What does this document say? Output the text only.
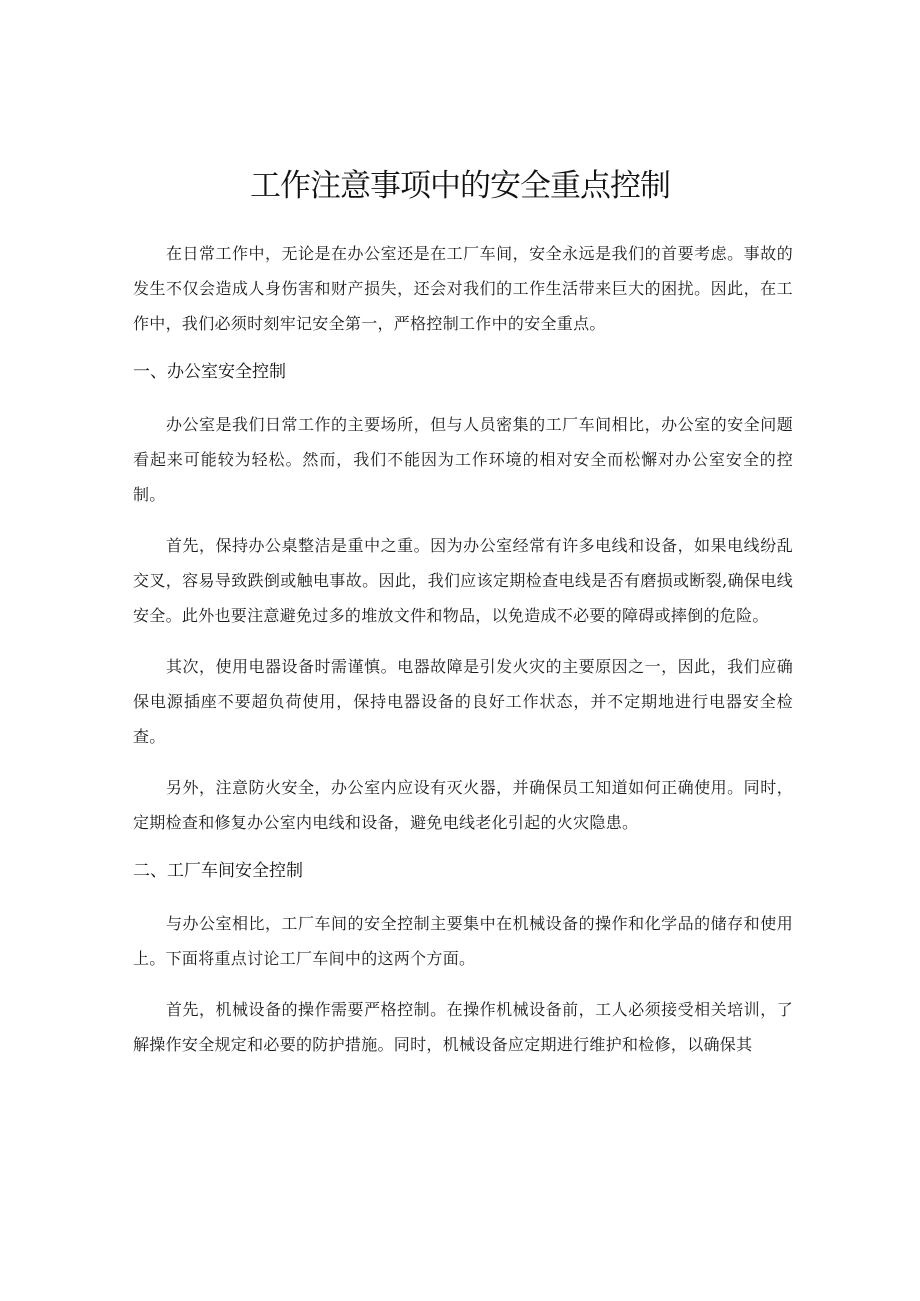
工作注意事项中的安全重点控制

在日常工作中，无论是在办公室还是在工厂车间，安全永远是我们的首要考虑。事故的发生不仅会造成人身伤害和财产损失，还会对我们的工作生活带来巨大的困扰。因此，在工作中，我们必须时刻牢记安全第一，严格控制工作中的安全重点。

一、办公室安全控制

办公室是我们日常工作的主要场所，但与人员密集的工厂车间相比，办公室的安全问题看起来可能较为轻松。然而，我们不能因为工作环境的相对安全而松懈对办公室安全的控制。

首先，保持办公桌整洁是重中之重。因为办公室经常有许多电线和设备，如果电线纷乱交叉，容易导致跌倒或触电事故。因此，我们应该定期检查电线是否有磨损或断裂,确保电线安全。此外也要注意避免过多的堆放文件和物品，以免造成不必要的障碍或摔倒的危险。

其次，使用电器设备时需谨慎。电器故障是引发火灾的主要原因之一，因此，我们应确保电源插座不要超负荷使用，保持电器设备的良好工作状态，并不定期地进行电器安全检查。

另外，注意防火安全，办公室内应设有灭火器，并确保员工知道如何正确使用。同时，定期检查和修复办公室内电线和设备，避免电线老化引起的火灾隐患。

二、工厂车间安全控制

与办公室相比，工厂车间的安全控制主要集中在机械设备的操作和化学品的储存和使用上。下面将重点讨论工厂车间中的这两个方面。

首先，机械设备的操作需要严格控制。在操作机械设备前，工人必须接受相关培训，了解操作安全规定和必要的防护措施。同时，机械设备应定期进行维护和检修，以确保其
